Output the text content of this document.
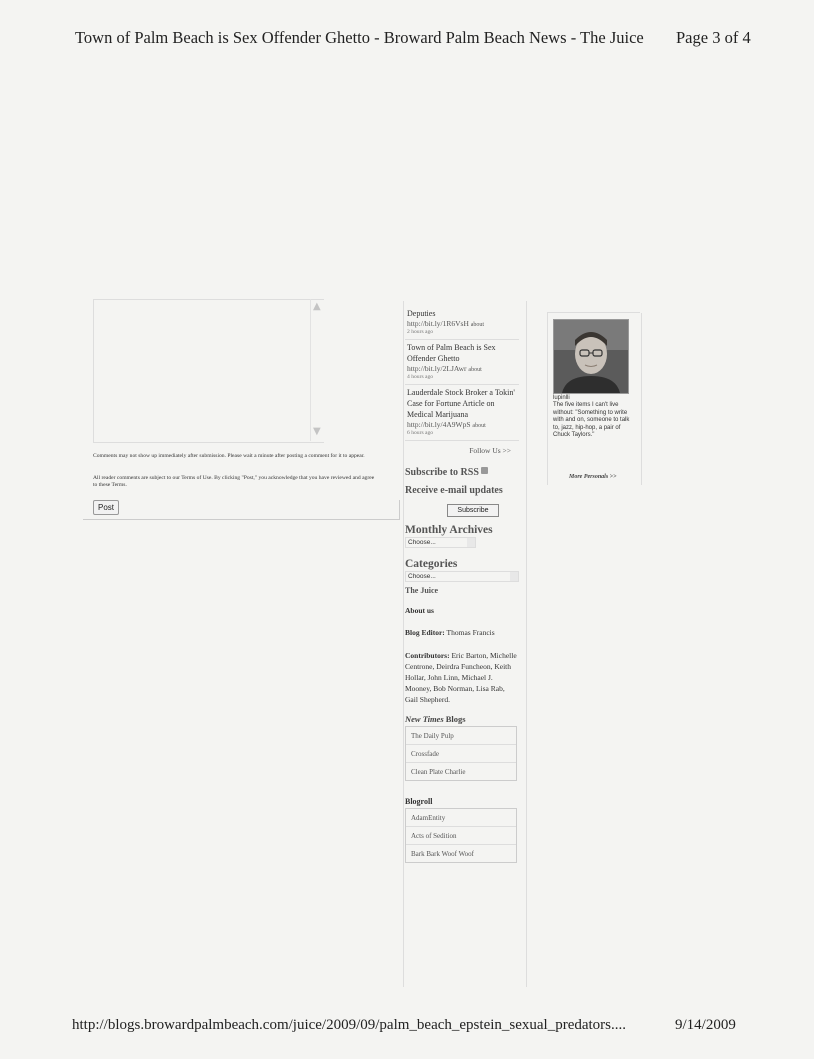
Town of Palm Beach is Sex Offender Ghetto - Broward Palm Beach News - The Juice Page 3 of 4
http://blogs.browardpalmbeach.com/juice/2009/09/palm_beach_epstein_sexual_predators....	9/14/2009
▲
▼
Comments may not show up immediately after submission. Please wait a minute after posting a comment for it to appear.
All reader comments are subject to our Terms of Use. By clicking "Post," you acknowledge that you have reviewed and agree to these Terms.
Post
Deputies
http://bit.ly/1R6VsH about
2 hours ago
Town of Palm Beach is Sex Offender Ghetto
http://bit.ly/2LJAwr about
4 hours ago
Lauderdale Stock Broker a Tokin' Case for Fortune Article on Medical Marijuana
http://bit.ly/4A9WpS about
6 hours ago
Follow Us >>
Subscribe to RSS
Receive e-mail updates
Subscribe
Monthly Archives
Choose...
Categories
Choose...
The Juice
About us
Blog Editor: Thomas Francis
Contributors: Eric Barton, Michelle Centrone, Deirdra Funcheon, Keith Hollar, John Linn, Michael J. Mooney, Bob Norman, Lisa Rab, Gail Shepherd.
New Times Blogs
The Daily Pulp
Crossfade
Clean Plate Charlie
Blogroll
AdamEntity
Acts of Sedition
Bark Bark Woof Woof
lupinlli
The five items I can't live without: "Something to write with and on, someone to talk to, jazz, hip-hop, a pair of Chuck Taylors."
More Personals >>
